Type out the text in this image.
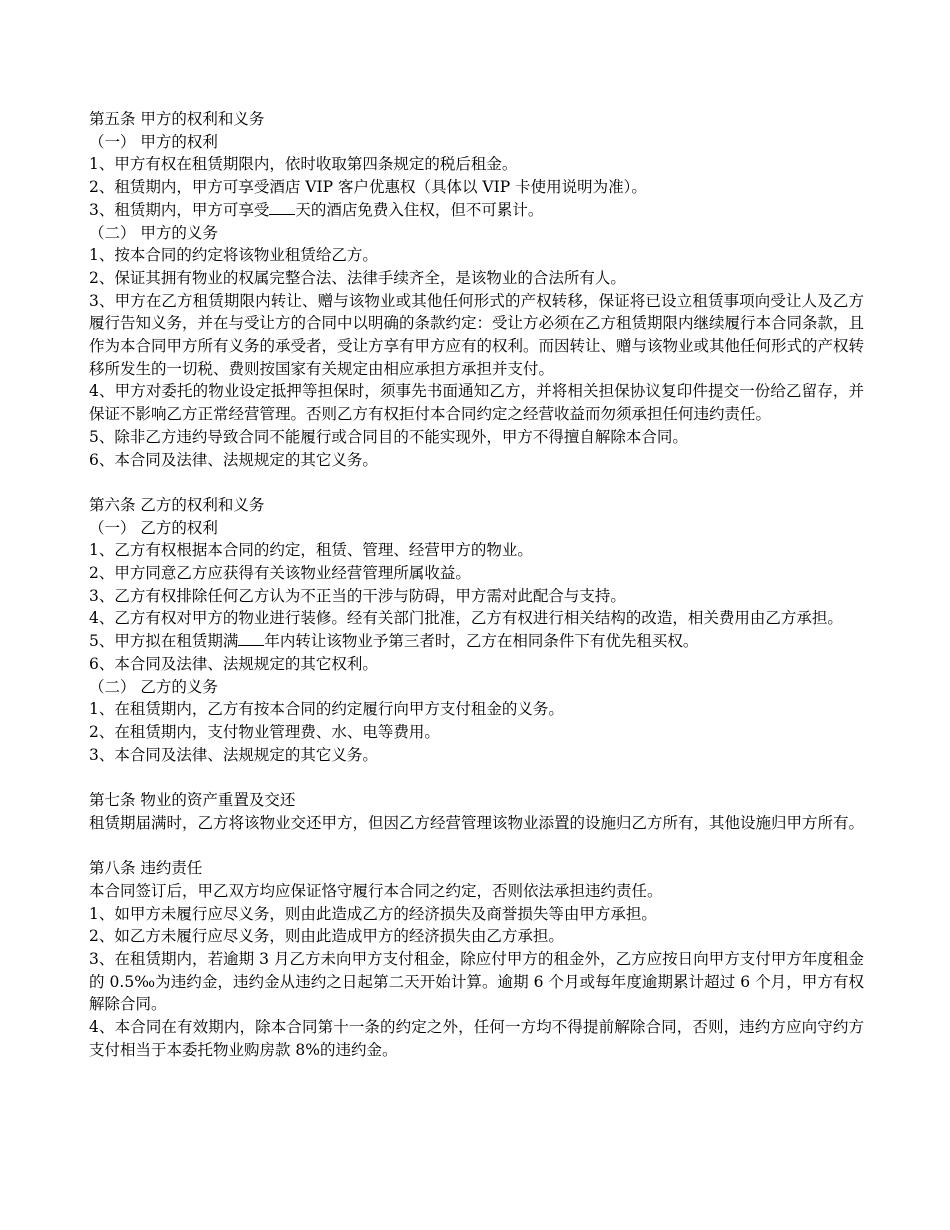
第五条 甲方的权利和义务

（一） 甲方的权利

1、甲方有权在租赁期限内，依时收取第四条规定的税后租金。

2、租赁期内，甲方可享受酒店 VIP 客户优惠权（具体以 VIP 卡使用说明为准）。

3、租赁期内，甲方可享受 天的酒店免费入住权，但不可累计。

（二） 甲方的义务

1、按本合同的约定将该物业租赁给乙方。

2、保证其拥有物业的权属完整合法、法律手续齐全，是该物业的合法所有人。

3、甲方在乙方租赁期限内转让、赠与该物业或其他任何形式的产权转移，保证将已设立租赁事项向受让人及乙方履行告知义务，并在与受让方的合同中以明确的条款约定：受让方必须在乙方租赁期限内继续履行本合同条款，且作为本合同甲方所有义务的承受者，受让方享有甲方应有的权利。而因转让、赠与该物业或其他任何形式的产权转移所发生的一切税、费则按国家有关规定由相应承担方承担并支付。

4、甲方对委托的物业设定抵押等担保时，须事先书面通知乙方，并将相关担保协议复印件提交一份给乙留存，并保证不影响乙方正常经营管理。否则乙方有权拒付本合同约定之经营收益而勿须承担任何违约责任。

5、除非乙方违约导致合同不能履行或合同目的不能实现外，甲方不得擅自解除本合同。

6、本合同及法律、法规规定的其它义务。

第六条 乙方的权利和义务

（一） 乙方的权利

1、乙方有权根据本合同的约定，租赁、管理、经营甲方的物业。

2、甲方同意乙方应获得有关该物业经营管理所属收益。

3、乙方有权排除任何乙方认为不正当的干涉与防碍，甲方需对此配合与支持。

4、乙方有权对甲方的物业进行装修。经有关部门批准，乙方有权进行相关结构的改造，相关费用由乙方承担。

5、甲方拟在租赁期满 年内转让该物业予第三者时，乙方在相同条件下有优先租买权。

6、本合同及法律、法规规定的其它权利。

（二） 乙方的义务

1、在租赁期内，乙方有按本合同的约定履行向甲方支付租金的义务。

2、在租赁期内，支付物业管理费、水、电等费用。

3、本合同及法律、法规规定的其它义务。

第七条 物业的资产重置及交还

租赁期届满时，乙方将该物业交还甲方，但因乙方经营管理该物业添置的设施归乙方所有，其他设施归甲方所有。

第八条 违约责任

本合同签订后，甲乙双方均应保证恪守履行本合同之约定，否则依法承担违约责任。

1、如甲方未履行应尽义务，则由此造成乙方的经济损失及商誉损失等由甲方承担。

2、如乙方未履行应尽义务，则由此造成甲方的经济损失由乙方承担。

3、在租赁期内，若逾期 3 月乙方未向甲方支付租金，除应付甲方的租金外，乙方应按日向甲方支付甲方年度租金的 0.5‰为违约金，违约金从违约之日起第二天开始计算。逾期 6 个月或每年度逾期累计超过 6 个月，甲方有权解除合同。

4、本合同在有效期内，除本合同第十一条的约定之外，任何一方均不得提前解除合同，否则，违约方应向守约方支付相当于本委托物业购房款 8%的违约金。
